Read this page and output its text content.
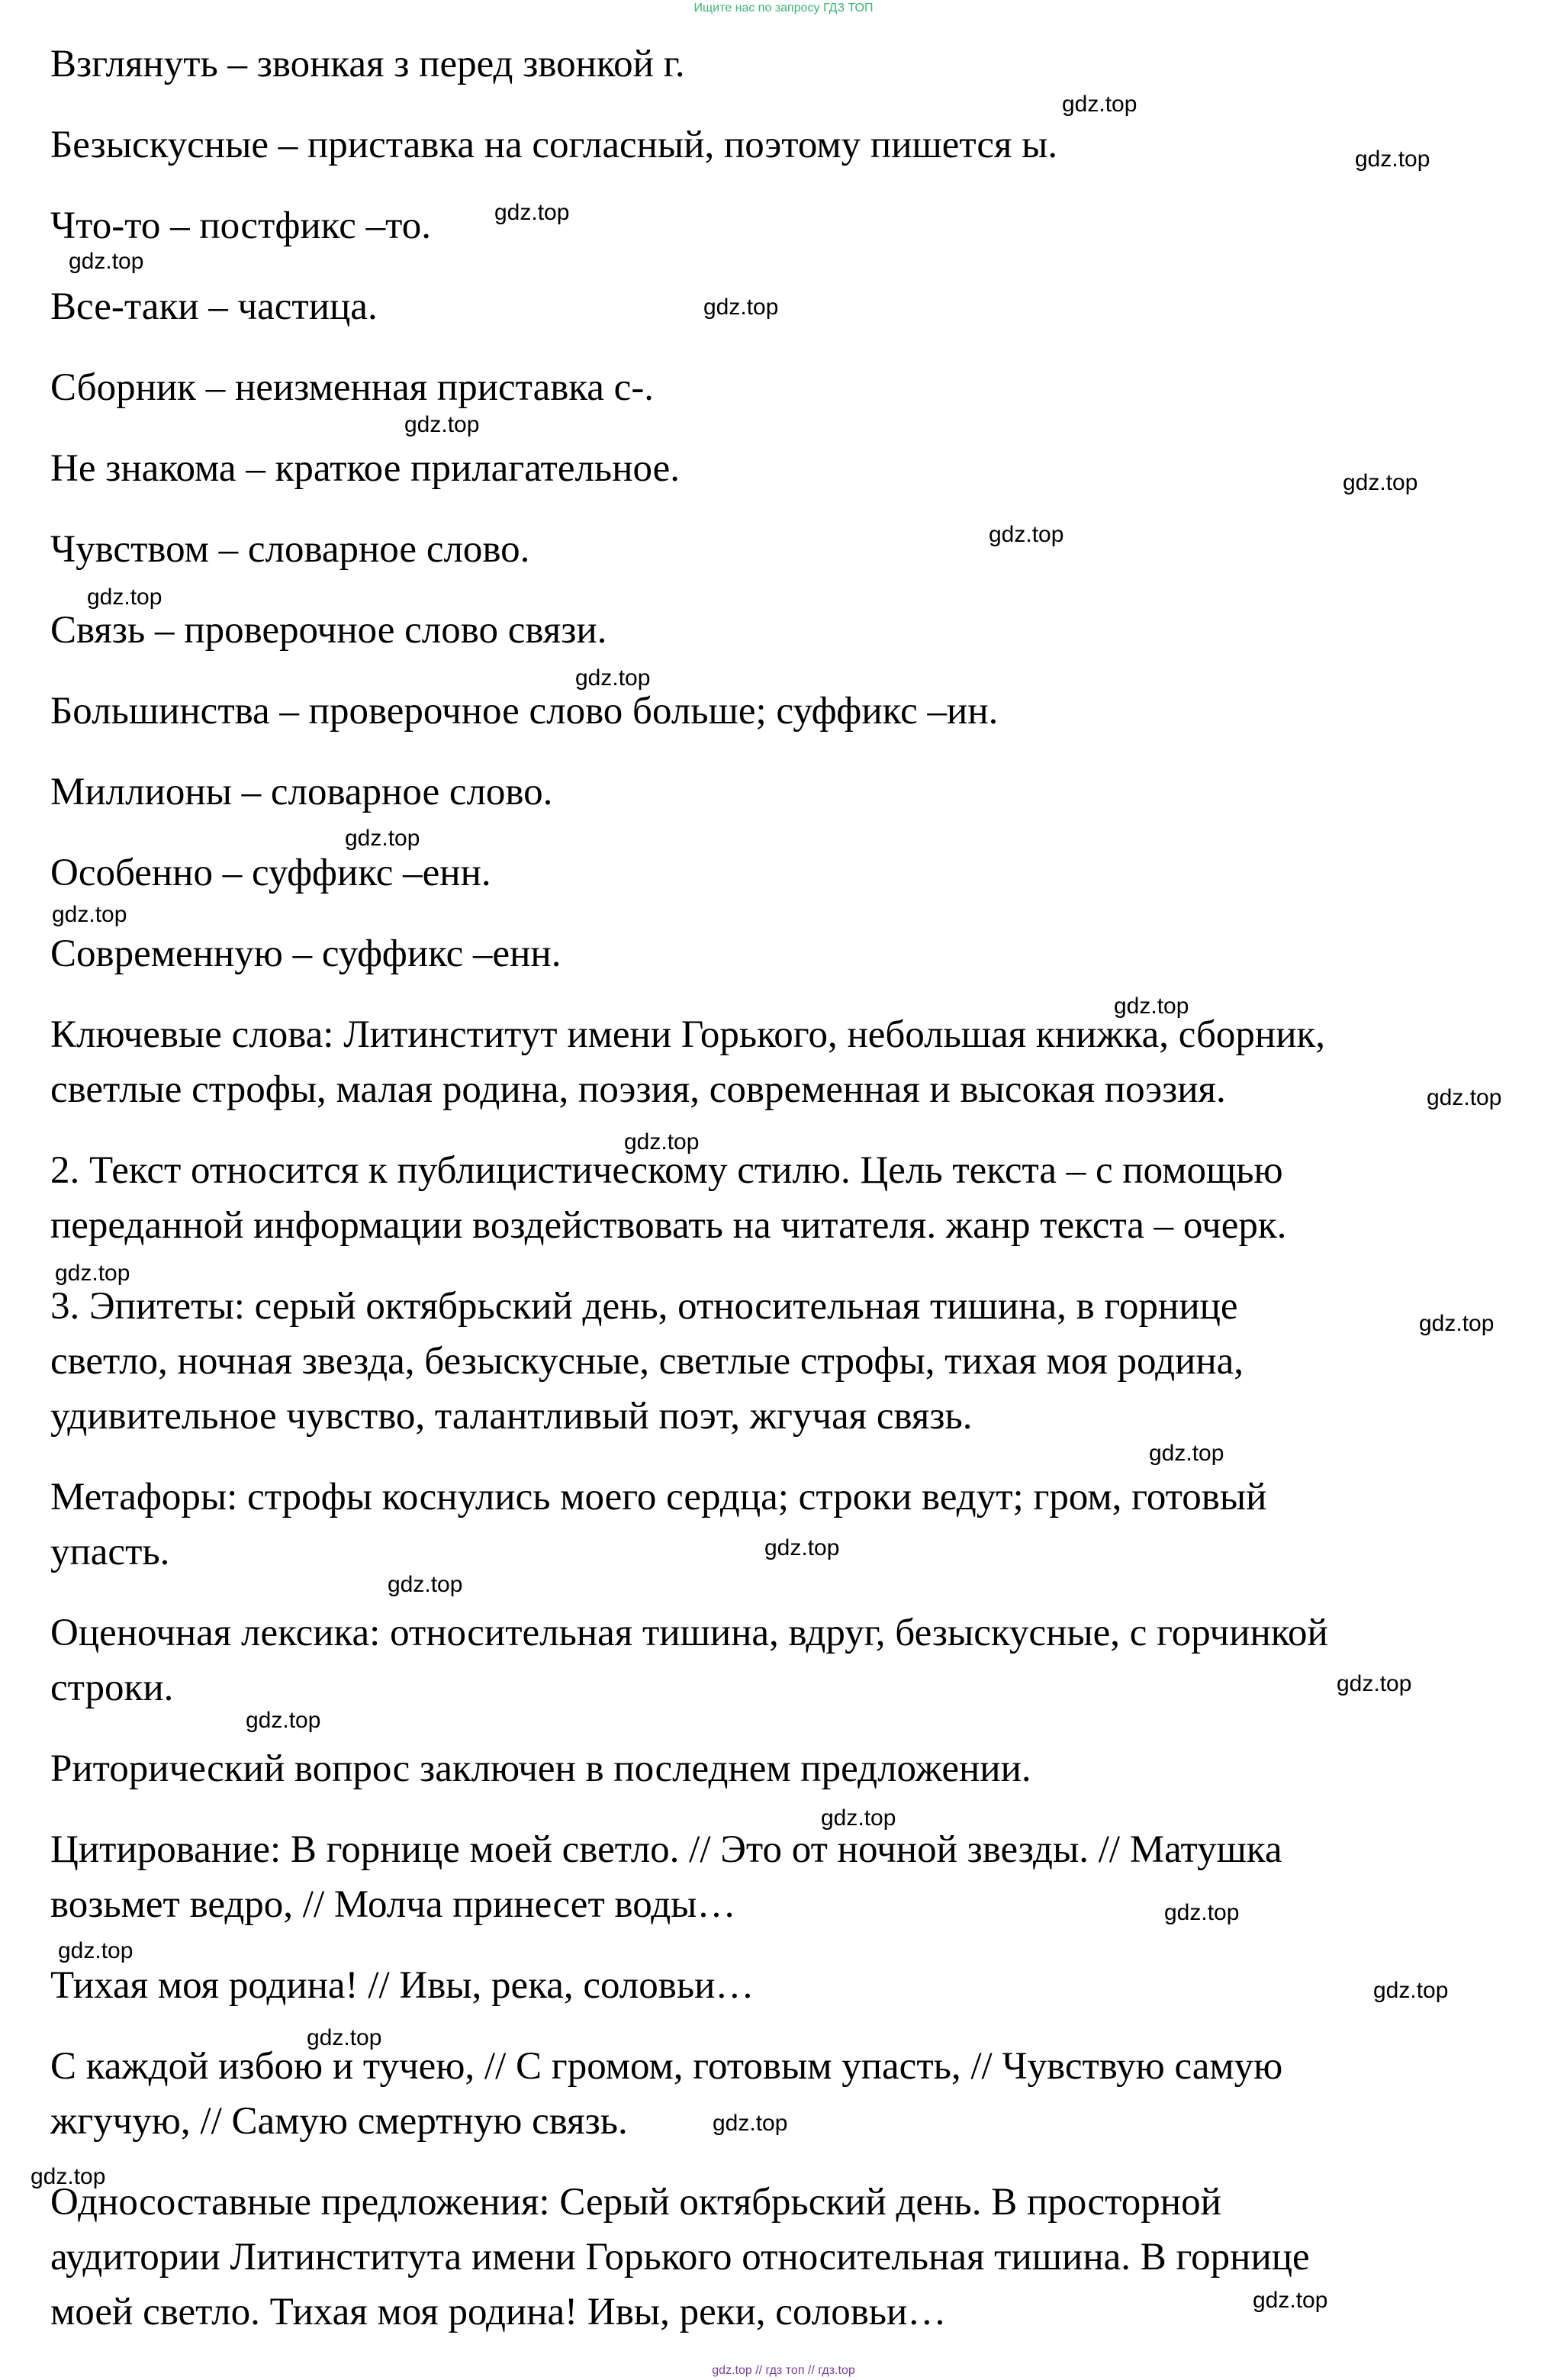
Ищите нас по запросу ГДЗ ТОП
Взглянуть – звонкая з перед звонкой г.
Безыскусные – приставка на согласный, поэтому пишется ы.
Что-то – постфикс –то.
Все-таки – частица.
Сборник – неизменная приставка с-.
Не знакома – краткое прилагательное.
Чувством – словарное слово.
Связь – проверочное слово связи.
Большинства – проверочное слово больше; суффикс –ин.
Миллионы – словарное слово.
Особенно – суффикс –енн.
Современную – суффикс –енн.
Ключевые слова: Литинститут имени Горького, небольшая книжка, сборник,
светлые строфы, малая родина, поэзия, современная и высокая поэзия.
2. Текст относится к публицистическому стилю. Цель текста – с помощью
переданной информации воздействовать на читателя. жанр текста – очерк.
3. Эпитеты: серый октябрьский день, относительная тишина, в горнице
светло, ночная звезда, безыскусные, светлые строфы, тихая моя родина,
удивительное чувство, талантливый поэт, жгучая связь.
Метафоры: строфы коснулись моего сердца; строки ведут; гром, готовый
упасть.
Оценочная лексика: относительная тишина, вдруг, безыскусные, с горчинкой
строки.
Риторический вопрос заключен в последнем предложении.
Цитирование: В горнице моей светло. // Это от ночной звезды. // Матушка
возьмет ведро, // Молча принесет воды…
Тихая моя родина! // Ивы, река, соловьи…
С каждой избою и тучею, // С громом, готовым упасть, // Чувствую самую
жгучую, // Самую смертную связь.
Односоставные предложения: Серый октябрьский день. В просторной
аудитории Литинститута имени Горького относительная тишина. В горнице
моей светло. Тихая моя родина! Ивы, реки, соловьи…
gdz.top
gdz.top
gdz.top
gdz.top
gdz.top
gdz.top
gdz.top
gdz.top
gdz.top
gdz.top
gdz.top
gdz.top
gdz.top
gdz.top
gdz.top
gdz.top
gdz.top
gdz.top
gdz.top
gdz.top
gdz.top
gdz.top
gdz.top
gdz.top
gdz.top
gdz.top
gdz.top
gdz.top
gdz.top
gdz.top
gdz.top // гдз топ // гдз.top
